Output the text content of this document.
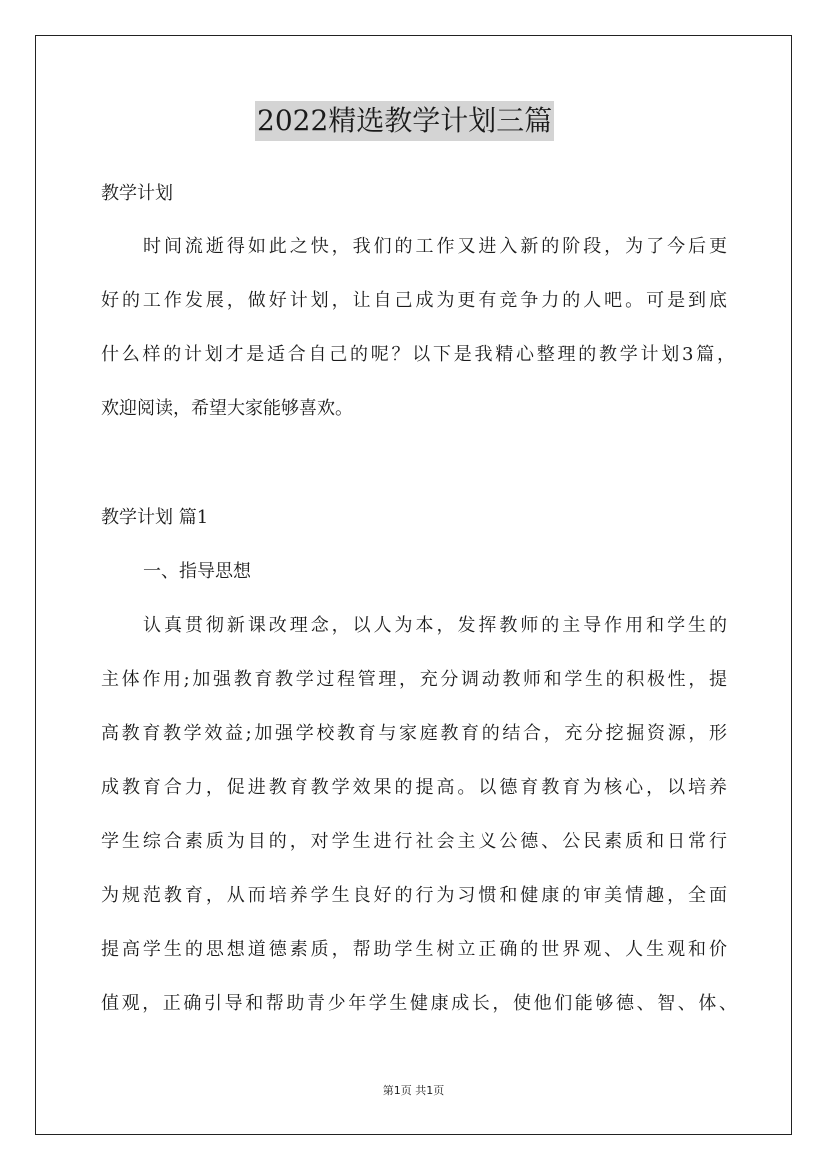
2022精选教学计划三篇
教学计划
时间流逝得如此之快，我们的工作又进入新的阶段，为了今后更
好的工作发展，做好计划，让自己成为更有竞争力的人吧。可是到底
什么样的计划才是适合自己的呢？以下是我精心整理的教学计划3篇，
欢迎阅读，希望大家能够喜欢。
教学计划 篇1
一、指导思想
认真贯彻新课改理念，以人为本，发挥教师的主导作用和学生的
主体作用;加强教育教学过程管理，充分调动教师和学生的积极性，提
高教育教学效益;加强学校教育与家庭教育的结合，充分挖掘资源，形
成教育合力，促进教育教学效果的提高。以德育教育为核心，以培养
学生综合素质为目的，对学生进行社会主义公德、公民素质和日常行
为规范教育，从而培养学生良好的行为习惯和健康的审美情趣，全面
提高学生的思想道德素质，帮助学生树立正确的世界观、人生观和价
值观，正确引导和帮助青少年学生健康成长，使他们能够德、智、体、
第1页 共1页
